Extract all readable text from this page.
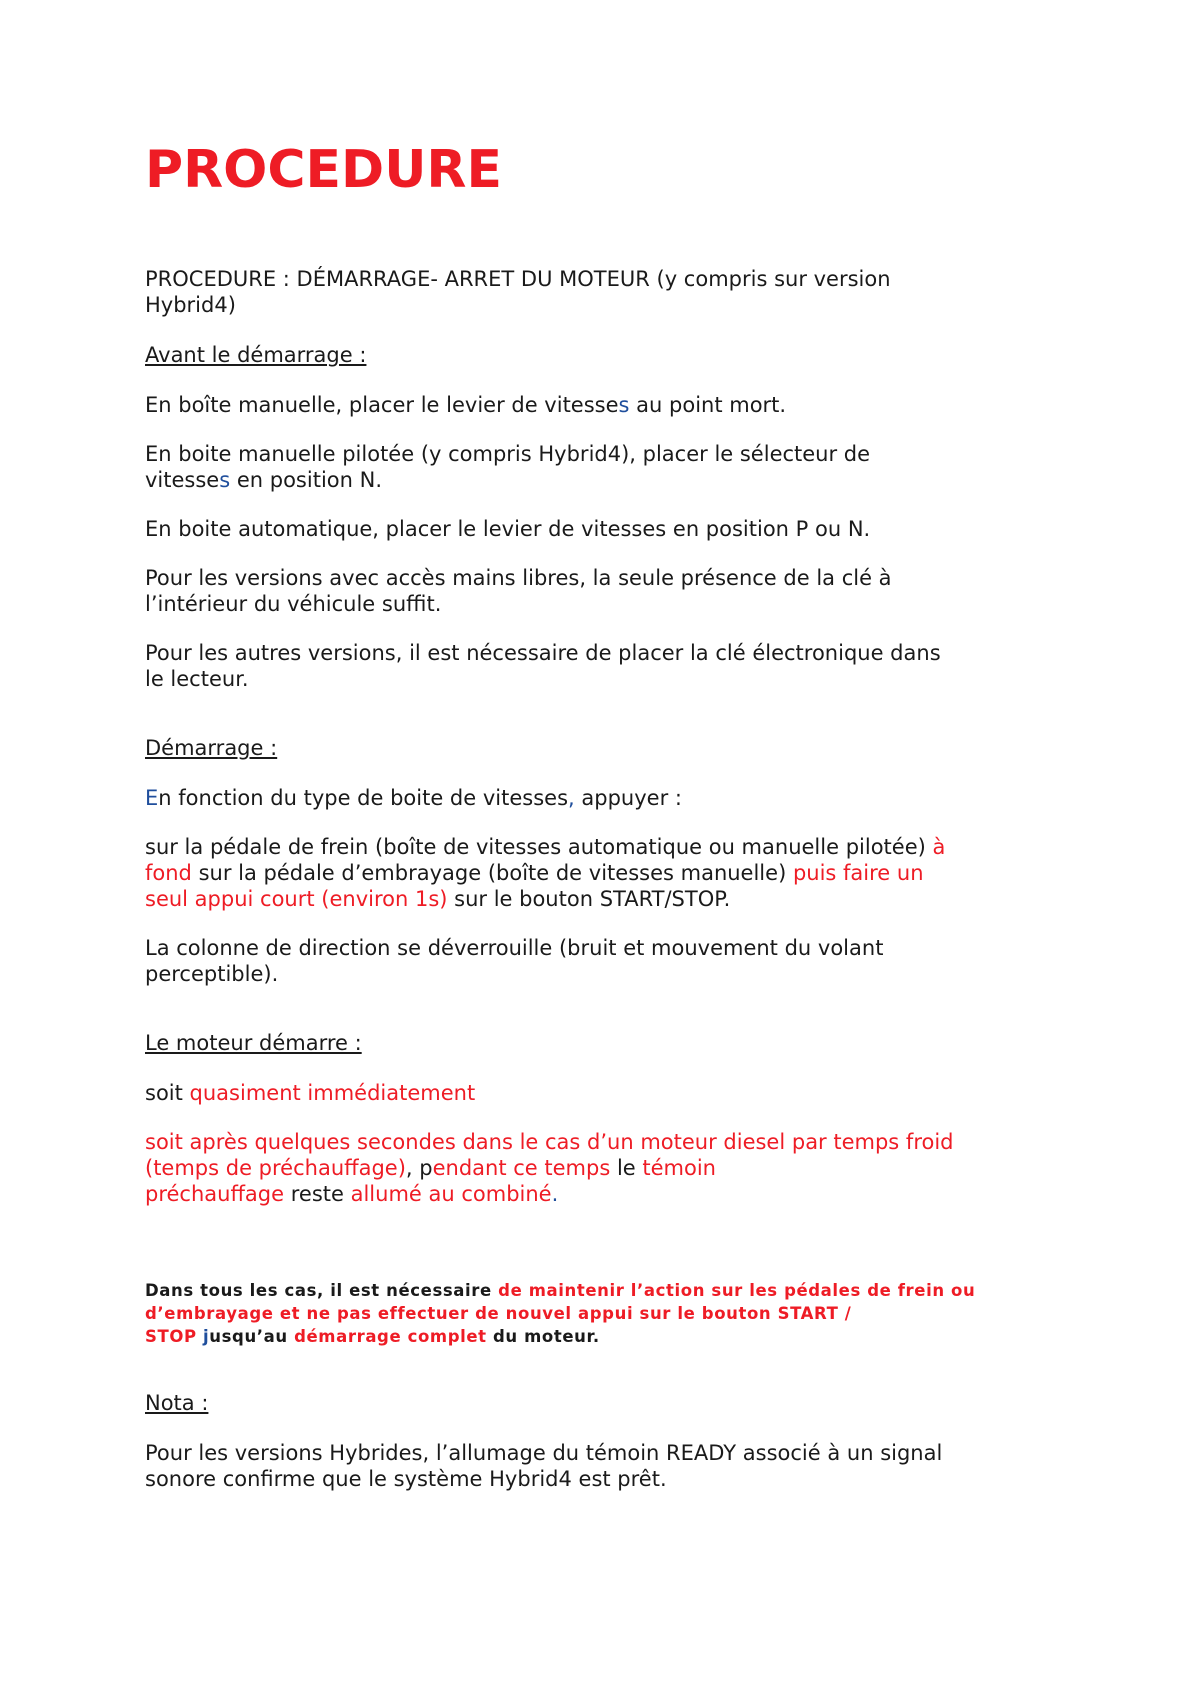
PROCEDURE

PROCEDURE : DÉMARRAGE- ARRET DU MOTEUR (y compris sur version
Hybrid4)

Avant le démarrage :

En boîte manuelle, placer le levier de vitesses au point mort.

En boite manuelle pilotée (y compris Hybrid4), placer le sélecteur de
vitesses en position N.

En boite automatique, placer le levier de vitesses en position P ou N.

Pour les versions avec accès mains libres, la seule présence de la clé à
l’intérieur du véhicule suffit.

Pour les autres versions, il est nécessaire de placer la clé électronique dans
le lecteur.

Démarrage :

En fonction du type de boite de vitesses, appuyer :

sur la pédale de frein (boîte de vitesses automatique ou manuelle pilotée) à
fond sur la pédale d’embrayage (boîte de vitesses manuelle) puis faire un
seul appui court (environ 1s) sur le bouton START/STOP.

La colonne de direction se déverrouille (bruit et mouvement du volant
perceptible).

Le moteur démarre :

soit quasiment immédiatement

soit après quelques secondes dans le cas d’un moteur diesel par temps froid
(temps de préchauffage), pendant ce temps le témoin
préchauffage reste allumé au combiné.

Dans tous les cas, il est nécessaire de maintenir l’action sur les pédales de frein ou
d’embrayage et ne pas effectuer de nouvel appui sur le bouton START /
STOP jusqu’au démarrage complet du moteur.

Nota :

Pour les versions Hybrides, l’allumage du témoin READY associé à un signal
sonore confirme que le système Hybrid4 est prêt.
